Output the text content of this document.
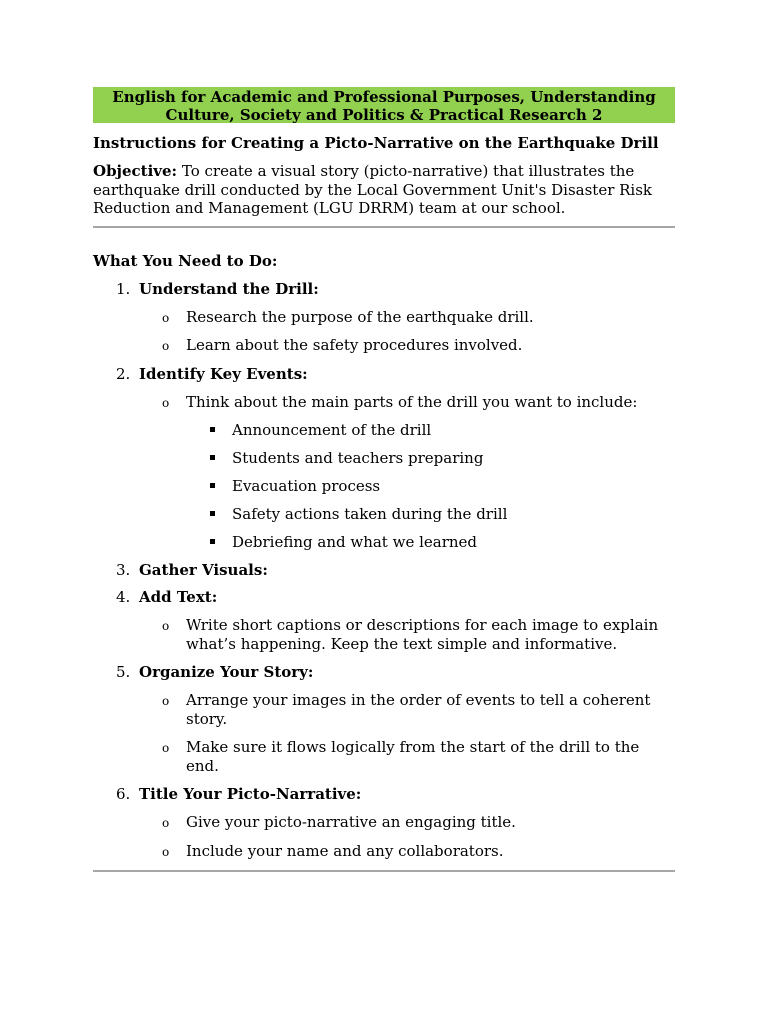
English for Academic and Professional Purposes, Understanding Culture, Society and Politics & Practical Research 2
Instructions for Creating a Picto-Narrative on the Earthquake Drill
Objective: To create a visual story (picto-narrative) that illustrates the earthquake drill conducted by the Local Government Unit's Disaster Risk Reduction and Management (LGU DRRM) team at our school.
What You Need to Do:
1. Understand the Drill:
o Research the purpose of the earthquake drill.
o Learn about the safety procedures involved.
2. Identify Key Events:
o Think about the main parts of the drill you want to include:
Announcement of the drill
Students and teachers preparing
Evacuation process
Safety actions taken during the drill
Debriefing and what we learned
3. Gather Visuals:
4. Add Text:
o Write short captions or descriptions for each image to explain what’s happening. Keep the text simple and informative.
5. Organize Your Story:
o Arrange your images in the order of events to tell a coherent story.
o Make sure it flows logically from the start of the drill to the end.
6. Title Your Picto-Narrative:
o Give your picto-narrative an engaging title.
o Include your name and any collaborators.
